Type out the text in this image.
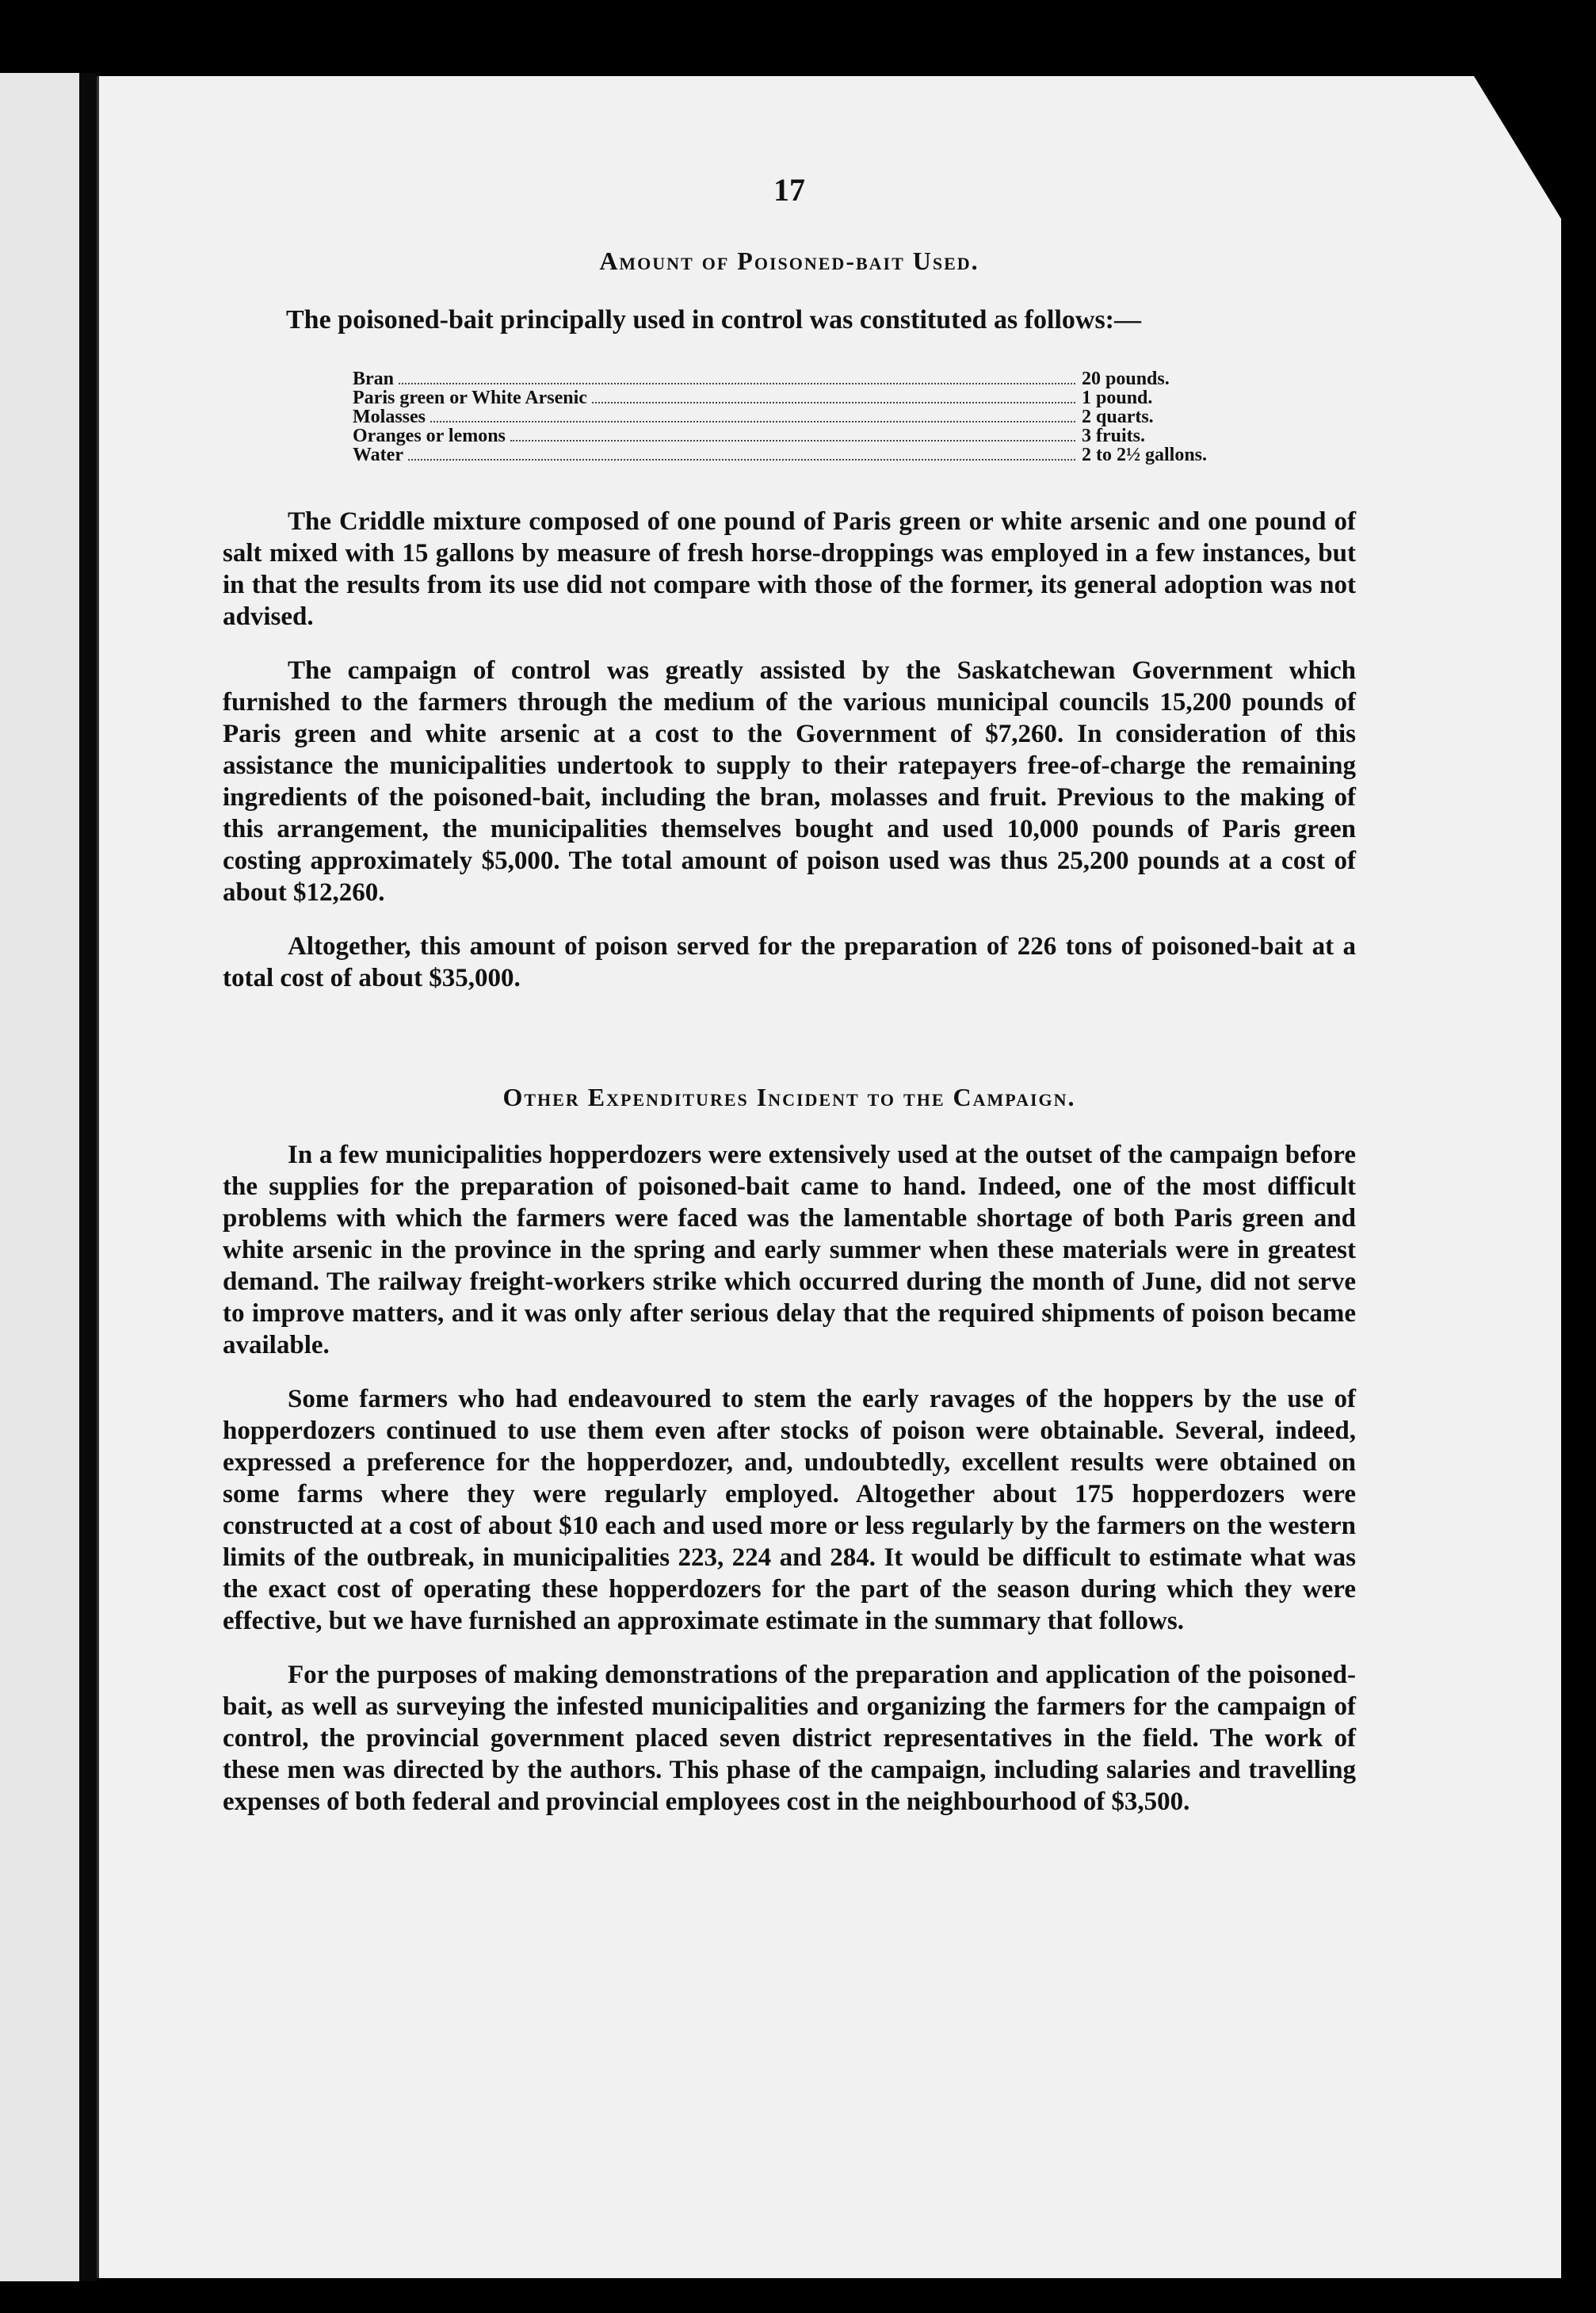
17
Amount of Poisoned-bait Used.
The poisoned-bait principally used in control was constituted as follows:—
Bran	20 pounds.
Paris green or White Arsenic	1 pound.
Molasses	2 quarts.
Oranges or lemons	3 fruits.
Water	2 to 2½ gallons.

The Criddle mixture composed of one pound of Paris green or white arsenic and one pound of salt mixed with 15 gallons by measure of fresh horse-droppings was employed in a few instances, but in that the results from its use did not compare with those of the former, its general adoption was not advised.

The campaign of control was greatly assisted by the Saskatchewan Government which furnished to the farmers through the medium of the various municipal councils 15,200 pounds of Paris green and white arsenic at a cost to the Government of $7,260. In consideration of this assistance the municipalities undertook to supply to their ratepayers free-of-charge the remaining ingredients of the poisoned-bait, including the bran, molasses and fruit. Previous to the making of this arrangement, the municipalities themselves bought and used 10,000 pounds of Paris green costing approximately $5,000. The total amount of poison used was thus 25,200 pounds at a cost of about $12,260.

Altogether, this amount of poison served for the preparation of 226 tons of poisoned-bait at a total cost of about $35,000.

Other Expenditures Incident to the Campaign.

In a few municipalities hopperdozers were extensively used at the outset of the campaign before the supplies for the preparation of poisoned-bait came to hand. Indeed, one of the most difficult problems with which the farmers were faced was the lamentable shortage of both Paris green and white arsenic in the province in the spring and early summer when these materials were in greatest demand. The railway freight-workers strike which occurred during the month of June, did not serve to improve matters, and it was only after serious delay that the required shipments of poison became available.

Some farmers who had endeavoured to stem the early ravages of the hoppers by the use of hopperdozers continued to use them even after stocks of poison were obtainable. Several, indeed, expressed a preference for the hopperdozer, and, undoubtedly, excellent results were obtained on some farms where they were regularly employed. Altogether about 175 hopperdozers were constructed at a cost of about $10 each and used more or less regularly by the farmers on the western limits of the outbreak, in municipalities 223, 224 and 284. It would be difficult to estimate what was the exact cost of operating these hopperdozers for the part of the season during which they were effective, but we have furnished an approximate estimate in the summary that follows.

For the purposes of making demonstrations of the preparation and application of the poisoned-bait, as well as surveying the infested municipalities and organizing the farmers for the campaign of control, the provincial government placed seven district representatives in the field. The work of these men was directed by the authors. This phase of the campaign, including salaries and travelling expenses of both federal and provincial employees cost in the neighbourhood of $3,500.
